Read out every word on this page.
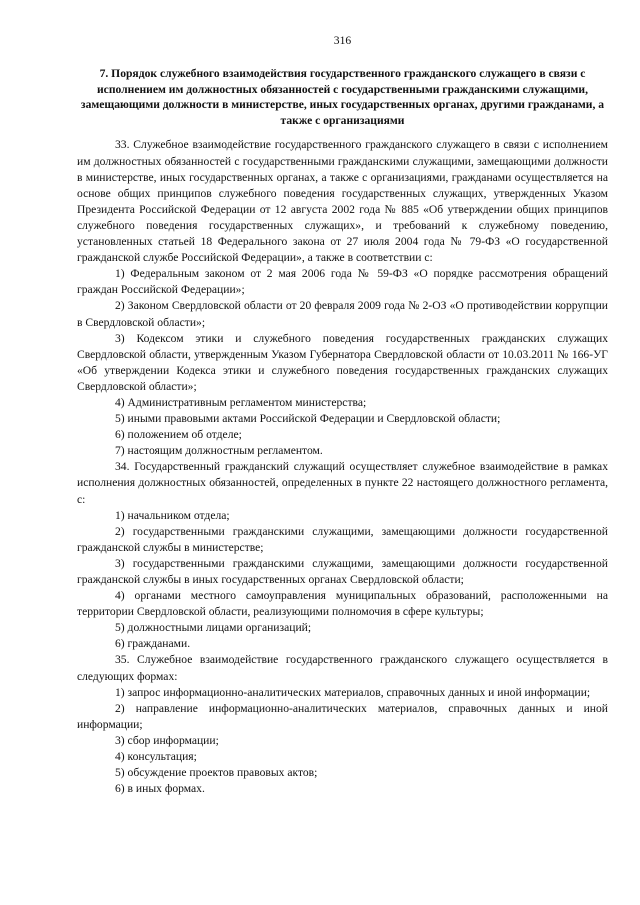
316
7. Порядок служебного взаимодействия государственного гражданского служащего в связи с исполнением им должностных обязанностей с государственными гражданскими служащими, замещающими должности в министерстве, иных государственных органах, другими гражданами, а также с организациями

33. Служебное взаимодействие государственного гражданского служащего в связи с исполнением им должностных обязанностей с государственными гражданскими служащими, замещающими должности в министерстве, иных государственных органах, а также с организациями, гражданами осуществляется на основе общих принципов служебного поведения государственных служащих, утвержденных Указом Президента Российской Федерации от 12 августа 2002 года № 885 «Об утверждении общих принципов служебного поведения государственных служащих», и требований к служебному поведению, установленных статьей 18 Федерального закона от 27 июля 2004 года № 79-ФЗ «О государственной гражданской службе Российской Федерации», а также в соответствии с:

1) Федеральным законом от 2 мая 2006 года № 59-ФЗ «О порядке рассмотрения обращений граждан Российской Федерации»;

2) Законом Свердловской области от 20 февраля 2009 года № 2-ОЗ «О противодействии коррупции в Свердловской области»;

3) Кодексом этики и служебного поведения государственных гражданских служащих Свердловской области, утвержденным Указом Губернатора Свердловской области от 10.03.2011 № 166-УГ «Об утверждении Кодекса этики и служебного поведения государственных гражданских служащих Свердловской области»;

4) Административным регламентом министерства;

5) иными правовыми актами Российской Федерации и Свердловской области;

6) положением об отделе;

7) настоящим должностным регламентом.

34. Государственный гражданский служащий осуществляет служебное взаимодействие в рамках исполнения должностных обязанностей, определенных в пункте 22 настоящего должностного регламента, с:

1) начальником отдела;

2) государственными гражданскими служащими, замещающими должности государственной гражданской службы в министерстве;

3) государственными гражданскими служащими, замещающими должности государственной гражданской службы в иных государственных органах Свердловской области;

4) органами местного самоуправления муниципальных образований, расположенными на территории Свердловской области, реализующими полномочия в сфере культуры;

5) должностными лицами организаций;

6) гражданами.

35. Служебное взаимодействие государственного гражданского служащего осуществляется в следующих формах:

1) запрос информационно-аналитических материалов, справочных данных и иной информации;

2) направление информационно-аналитических материалов, справочных данных и иной информации;

3) сбор информации;

4) консультация;

5) обсуждение проектов правовых актов;

6) в иных формах.
